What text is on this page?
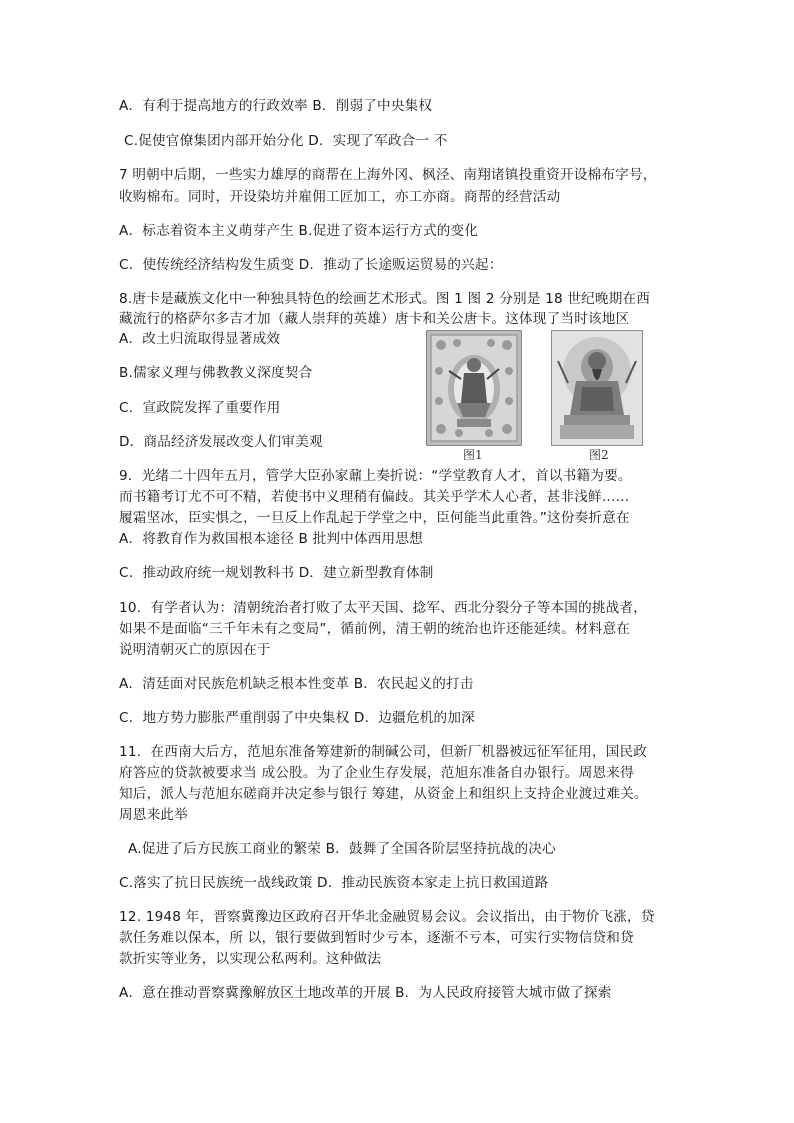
A．有利于提高地方的行政效率 B．削弱了中央集权
C.促使官僚集团内部开始分化 D．实现了军政合一 不
7 明朝中后期，一些实力雄厚的商帮在上海外冈、枫泾、南翔诸镇投重资开设棉布字号，
收购棉布。同时，开设染坊并雇佣工匠加工，亦工亦商。商帮的经营活动
A．标志着资本主义萌芽产生 B.促进了资本运行方式的变化
C．使传统经济结构发生质变 D．推动了长途贩运贸易的兴起：
8.唐卡是藏族文化中一种独具特色的绘画艺术形式。图 1 图 2 分别是 18 世纪晚期在西
藏流行的格萨尔多吉才加（藏人崇拜的英雄）唐卡和关公唐卡。这体现了当时该地区
A．改土归流取得显著成效
B.儒家义理与佛教教义深度契合
C．宣政院发挥了重要作用
D．商品经济发展改变人们审美观
9．光绪二十四年五月，管学大臣孙家鼐上奏折说：“学堂教育人才，首以书籍为要。
而书籍考订尤不可不精，若使书中义理稍有偏歧。其关乎学术人心者，甚非浅鲜……
履霜坚冰，臣实惧之，一旦反上作乱起于学堂之中，臣何能当此重咎。”这份奏折意在
A．将教育作为救国根本途径 B 批判中体西用思想
C．推动政府统一规划教科书 D．建立新型教育体制
10．有学者认为：清朝统治者打败了太平天国、捻军、西北分裂分子等本国的挑战者，
如果不是面临“三千年未有之变局”，循前例，清王朝的统治也许还能延续。材料意在
说明清朝灭亡的原因在于
A．清廷面对民族危机缺乏根本性变革 B．农民起义的打击
C．地方势力膨胀严重削弱了中央集权 D．边疆危机的加深
11．在西南大后方，范旭东准备筹建新的制碱公司，但新厂机器被远征军征用，国民政
府答应的贷款被要求当 成公股。为了企业生存发展，范旭东准备自办银行。周恩来得
知后，派人与范旭东磋商并决定参与银行 筹建，从资金上和组织上支持企业渡过难关。
周恩来此举
A.促进了后方民族工商业的繁荣 B．鼓舞了全国各阶层坚持抗战的决心
C.落实了抗日民族统一战线政策 D．推动民族资本家走上抗日救国道路
12. 1948 年，晋察冀豫边区政府召开华北金融贸易会议。会议指出，由于物价飞涨，贷
款任务难以保本，所 以，银行要做到暂时少亏本，逐渐不亏本，可实行实物信贷和贷
款折实等业务，以实现公私两利。这种做法
A．意在推动晋察冀豫解放区土地改革的开展 B．为人民政府接管大城市做了探索
图1	图2
